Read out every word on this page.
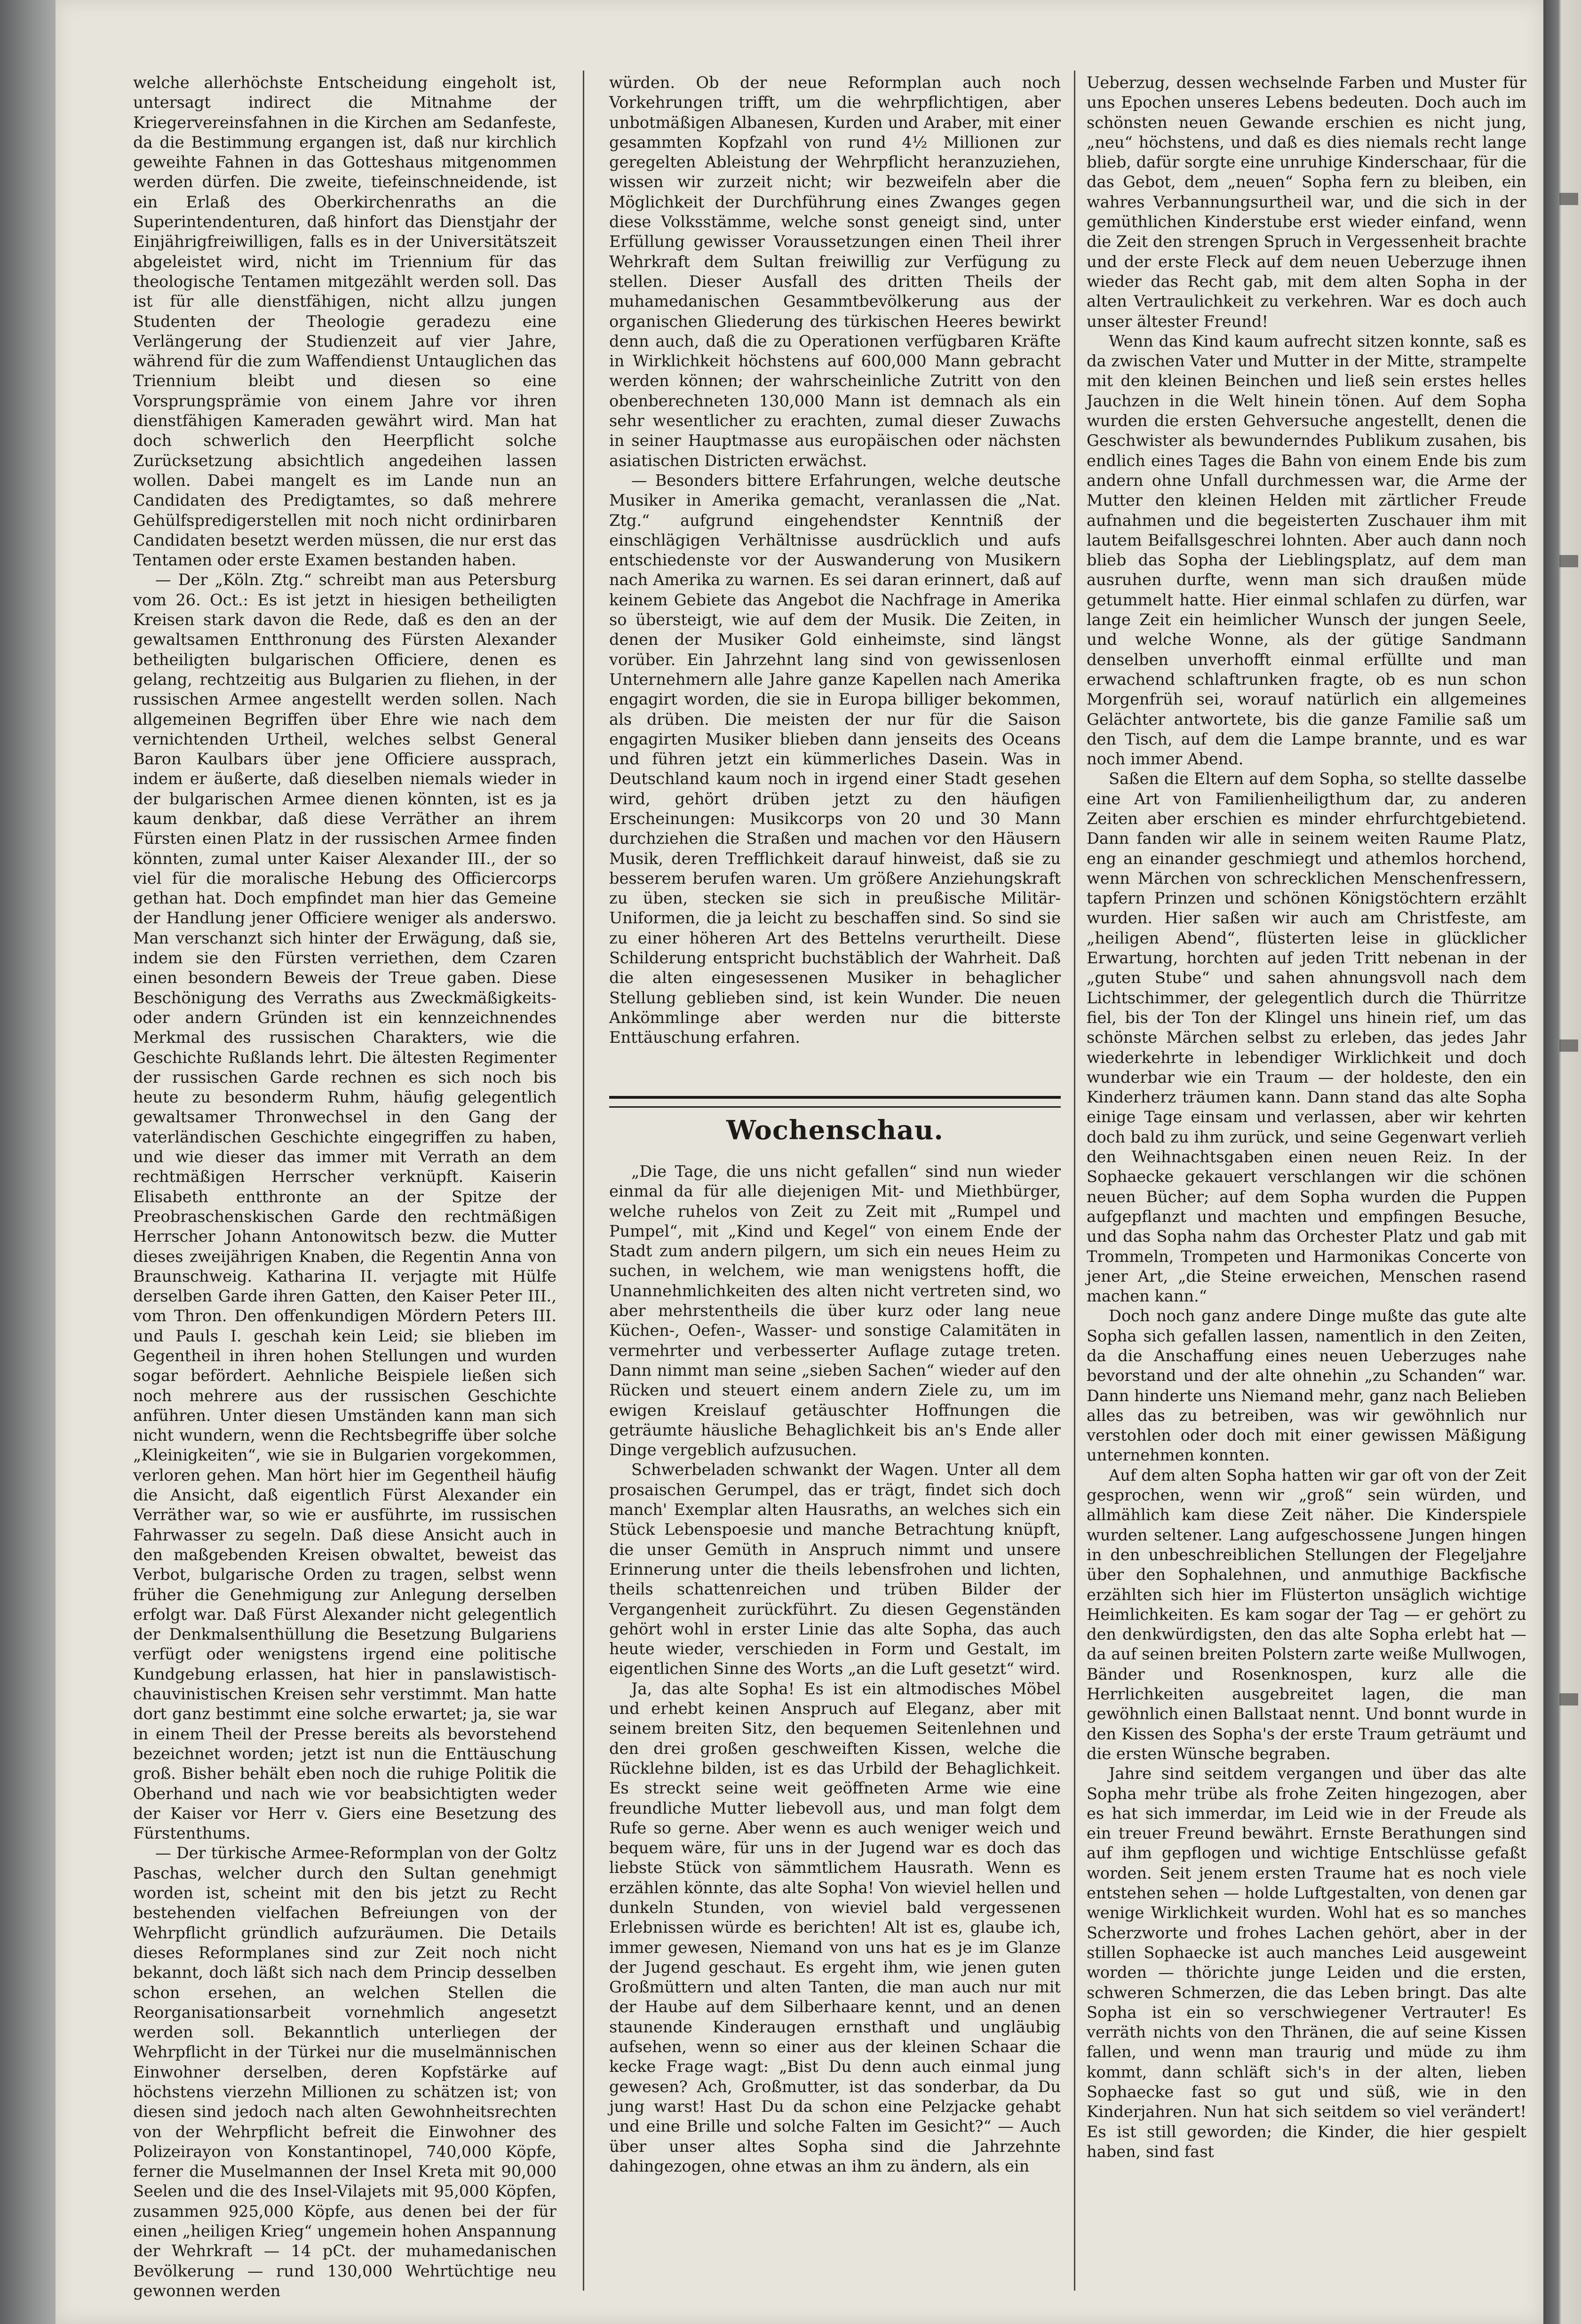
welche allerhöchste Entscheidung eingeholt ist, untersagt indirect die Mitnahme der Kriegervereinsfahnen in die Kirchen am Sedanfeste, da die Bestimmung ergangen ist, daß nur kirchlich geweihte Fahnen in das Gotteshaus mitgenommen werden dürfen. Die zweite, tiefeinschneidende, ist ein Erlaß des Oberkirchenraths an die Superintendenturen, daß hinfort das Dienstjahr der Einjährigfreiwilligen, falls es in der Universitätszeit abgeleistet wird, nicht im Triennium für das theologische Tentamen mitgezählt werden soll. Das ist für alle dienstfähigen, nicht allzu jungen Studenten der Theologie geradezu eine Verlängerung der Studienzeit auf vier Jahre, während für die zum Waffendienst Untauglichen das Triennium bleibt und diesen so eine Vorsprungsprämie von einem Jahre vor ihren dienstfähigen Kameraden gewährt wird. Man hat doch schwerlich den Heerpflicht solche Zurücksetzung absichtlich angedeihen lassen wollen. Dabei mangelt es im Lande nun an Candidaten des Predigtamtes, so daß mehrere Gehülfspredigerstellen mit noch nicht ordinirbaren Candidaten besetzt werden müssen, die nur erst das Tentamen oder erste Examen bestanden haben.

— Der „Köln. Ztg.“ schreibt man aus Petersburg vom 26. Oct.: Es ist jetzt in hiesigen betheiligten Kreisen stark davon die Rede, daß es den an der gewaltsamen Entthronung des Fürsten Alexander betheiligten bulgarischen Officiere, denen es gelang, rechtzeitig aus Bulgarien zu fliehen, in der russischen Armee angestellt werden sollen. Nach allgemeinen Begriffen über Ehre wie nach dem vernichtenden Urtheil, welches selbst General Baron Kaulbars über jene Officiere aussprach, indem er äußerte, daß dieselben niemals wieder in der bulgarischen Armee dienen könnten, ist es ja kaum denkbar, daß diese Verräther an ihrem Fürsten einen Platz in der russischen Armee finden könnten, zumal unter Kaiser Alexander III., der so viel für die moralische Hebung des Officiercorps gethan hat. Doch empfindet man hier das Gemeine der Handlung jener Officiere weniger als anderswo. Man verschanzt sich hinter der Erwägung, daß sie, indem sie den Fürsten verriethen, dem Czaren einen besondern Beweis der Treue gaben. Diese Beschönigung des Verraths aus Zweckmäßigkeits- oder andern Gründen ist ein kennzeichnendes Merkmal des russischen Charakters, wie die Geschichte Rußlands lehrt. Die ältesten Regimenter der russischen Garde rechnen es sich noch bis heute zu besonderm Ruhm, häufig gelegentlich gewaltsamer Thronwechsel in den Gang der vaterländischen Geschichte eingegriffen zu haben, und wie dieser das immer mit Verrath an dem rechtmäßigen Herrscher verknüpft. Kaiserin Elisabeth entthronte an der Spitze der Preobraschenskischen Garde den rechtmäßigen Herrscher Johann Antonowitsch bezw. die Mutter dieses zweijährigen Knaben, die Regentin Anna von Braunschweig. Katharina II. verjagte mit Hülfe derselben Garde ihren Gatten, den Kaiser Peter III., vom Thron. Den offenkundigen Mördern Peters III. und Pauls I. geschah kein Leid; sie blieben im Gegentheil in ihren hohen Stellungen und wurden sogar befördert. Aehnliche Beispiele ließen sich noch mehrere aus der russischen Geschichte anführen. Unter diesen Umständen kann man sich nicht wundern, wenn die Rechtsbegriffe über solche „Kleinigkeiten“, wie sie in Bulgarien vorgekommen, verloren gehen. Man hört hier im Gegentheil häufig die Ansicht, daß eigentlich Fürst Alexander ein Verräther war, so wie er ausführte, im russischen Fahrwasser zu segeln. Daß diese Ansicht auch in den maßgebenden Kreisen obwaltet, beweist das Verbot, bulgarische Orden zu tragen, selbst wenn früher die Genehmigung zur Anlegung derselben erfolgt war. Daß Fürst Alexander nicht gelegentlich der Denkmalsenthüllung die Besetzung Bulgariens verfügt oder wenigstens irgend eine politische Kundgebung erlassen, hat hier in panslawistisch-chauvinistischen Kreisen sehr verstimmt. Man hatte dort ganz bestimmt eine solche erwartet; ja, sie war in einem Theil der Presse bereits als bevorstehend bezeichnet worden; jetzt ist nun die Enttäuschung groß. Bisher behält eben noch die ruhige Politik die Oberhand und nach wie vor beabsichtigten weder der Kaiser vor Herr v. Giers eine Besetzung des Fürstenthums.

— Der türkische Armee-Reformplan von der Goltz Paschas, welcher durch den Sultan genehmigt worden ist, scheint mit den bis jetzt zu Recht bestehenden vielfachen Befreiungen von der Wehrpflicht gründlich aufzuräumen. Die Details dieses Reformplanes sind zur Zeit noch nicht bekannt, doch läßt sich nach dem Princip desselben schon ersehen, an welchen Stellen die Reorganisationsarbeit vornehmlich angesetzt werden soll. Bekanntlich unterliegen der Wehrpflicht in der Türkei nur die muselmännischen Einwohner derselben, deren Kopfstärke auf höchstens vierzehn Millionen zu schätzen ist; von diesen sind jedoch nach alten Gewohnheitsrechten von der Wehrpflicht befreit die Einwohner des Polizeirayon von Konstantinopel, 740,000 Köpfe, ferner die Muselmannen der Insel Kreta mit 90,000 Seelen und die des Insel-Vilajets mit 95,000 Köpfen, zusammen 925,000 Köpfe, aus denen bei der für einen „heiligen Krieg“ ungemein hohen Anspannung der Wehrkraft — 14 pCt. der muhamedanischen Bevölkerung — rund 130,000 Wehrtüchtige neu gewonnen werden

würden. Ob der neue Reformplan auch noch Vorkehrungen trifft, um die wehrpflichtigen, aber unbotmäßigen Albanesen, Kurden und Araber, mit einer gesammten Kopfzahl von rund 4½ Millionen zur geregelten Ableistung der Wehrpflicht heranzuziehen, wissen wir zurzeit nicht; wir bezweifeln aber die Möglichkeit der Durchführung eines Zwanges gegen diese Volksstämme, welche sonst geneigt sind, unter Erfüllung gewisser Voraussetzungen einen Theil ihrer Wehrkraft dem Sultan freiwillig zur Verfügung zu stellen. Dieser Ausfall des dritten Theils der muhamedanischen Gesammtbevölkerung aus der organischen Gliederung des türkischen Heeres bewirkt denn auch, daß die zu Operationen verfügbaren Kräfte in Wirklichkeit höchstens auf 600,000 Mann gebracht werden können; der wahrscheinliche Zutritt von den obenberechneten 130,000 Mann ist demnach als ein sehr wesentlicher zu erachten, zumal dieser Zuwachs in seiner Hauptmasse aus europäischen oder nächsten asiatischen Districten erwächst.

— Besonders bittere Erfahrungen, welche deutsche Musiker in Amerika gemacht, veranlassen die „Nat. Ztg.“ aufgrund eingehendster Kenntniß der einschlägigen Verhältnisse ausdrücklich und aufs entschiedenste vor der Auswanderung von Musikern nach Amerika zu warnen. Es sei daran erinnert, daß auf keinem Gebiete das Angebot die Nachfrage in Amerika so übersteigt, wie auf dem der Musik. Die Zeiten, in denen der Musiker Gold einheimste, sind längst vorüber. Ein Jahrzehnt lang sind von gewissenlosen Unternehmern alle Jahre ganze Kapellen nach Amerika engagirt worden, die sie in Europa billiger bekommen, als drüben. Die meisten der nur für die Saison engagirten Musiker blieben dann jenseits des Oceans und führen jetzt ein kümmerliches Dasein. Was in Deutschland kaum noch in irgend einer Stadt gesehen wird, gehört drüben jetzt zu den häufigen Erscheinungen: Musikcorps von 20 und 30 Mann durchziehen die Straßen und machen vor den Häusern Musik, deren Trefflichkeit darauf hinweist, daß sie zu besserem berufen waren. Um größere Anziehungskraft zu üben, stecken sie sich in preußische Militär-Uniformen, die ja leicht zu beschaffen sind. So sind sie zu einer höheren Art des Bettelns verurtheilt. Diese Schilderung entspricht buchstäblich der Wahrheit. Daß die alten eingesessenen Musiker in behaglicher Stellung geblieben sind, ist kein Wunder. Die neuen Ankömmlinge aber werden nur die bitterste Enttäuschung erfahren.

Wochenschau.

„Die Tage, die uns nicht gefallen“ sind nun wieder einmal da für alle diejenigen Mit- und Miethbürger, welche ruhelos von Zeit zu Zeit mit „Rumpel und Pumpel“, mit „Kind und Kegel“ von einem Ende der Stadt zum andern pilgern, um sich ein neues Heim zu suchen, in welchem, wie man wenigstens hofft, die Unannehmlichkeiten des alten nicht vertreten sind, wo aber mehrstentheils die über kurz oder lang neue Küchen-, Oefen-, Wasser- und sonstige Calamitäten in vermehrter und verbesserter Auflage zutage treten. Dann nimmt man seine „sieben Sachen“ wieder auf den Rücken und steuert einem andern Ziele zu, um im ewigen Kreislauf getäuschter Hoffnungen die geträumte häusliche Behaglichkeit bis an's Ende aller Dinge vergeblich aufzusuchen.

Schwerbeladen schwankt der Wagen. Unter all dem prosaischen Gerumpel, das er trägt, findet sich doch manch' Exemplar alten Hausraths, an welches sich ein Stück Lebenspoesie und manche Betrachtung knüpft, die unser Gemüth in Anspruch nimmt und unsere Erinnerung unter die theils lebensfrohen und lichten, theils schattenreichen und trüben Bilder der Vergangenheit zurückführt. Zu diesen Gegenständen gehört wohl in erster Linie das alte Sopha, das auch heute wieder, verschieden in Form und Gestalt, im eigentlichen Sinne des Worts „an die Luft gesetzt“ wird.

Ja, das alte Sopha! Es ist ein altmodisches Möbel und erhebt keinen Anspruch auf Eleganz, aber mit seinem breiten Sitz, den bequemen Seitenlehnen und den drei großen geschweiften Kissen, welche die Rücklehne bilden, ist es das Urbild der Behaglichkeit. Es streckt seine weit geöffneten Arme wie eine freundliche Mutter liebevoll aus, und man folgt dem Rufe so gerne. Aber wenn es auch weniger weich und bequem wäre, für uns in der Jugend war es doch das liebste Stück von sämmtlichem Hausrath. Wenn es erzählen könnte, das alte Sopha! Von wieviel hellen und dunkeln Stunden, von wieviel bald vergessenen Erlebnissen würde es berichten! Alt ist es, glaube ich, immer gewesen, Niemand von uns hat es je im Glanze der Jugend geschaut. Es ergeht ihm, wie jenen guten Großmüttern und alten Tanten, die man auch nur mit der Haube auf dem Silberhaare kennt, und an denen staunende Kinderaugen ernsthaft und ungläubig aufsehen, wenn so einer aus der kleinen Schaar die kecke Frage wagt: „Bist Du denn auch einmal jung gewesen? Ach, Großmutter, ist das sonderbar, da Du jung warst! Hast Du da schon eine Pelzjacke gehabt und eine Brille und solche Falten im Gesicht?“ — Auch über unser altes Sopha sind die Jahrzehnte dahingezogen, ohne etwas an ihm zu ändern, als ein

Ueberzug, dessen wechselnde Farben und Muster für uns Epochen unseres Lebens bedeuten. Doch auch im schönsten neuen Gewande erschien es nicht jung, „neu“ höchstens, und daß es dies niemals recht lange blieb, dafür sorgte eine unruhige Kinderschaar, für die das Gebot, dem „neuen“ Sopha fern zu bleiben, ein wahres Verbannungsurtheil war, und die sich in der gemüthlichen Kinderstube erst wieder einfand, wenn die Zeit den strengen Spruch in Vergessenheit brachte und der erste Fleck auf dem neuen Ueberzuge ihnen wieder das Recht gab, mit dem alten Sopha in der alten Vertraulichkeit zu verkehren. War es doch auch unser ältester Freund!

Wenn das Kind kaum aufrecht sitzen konnte, saß es da zwischen Vater und Mutter in der Mitte, strampelte mit den kleinen Beinchen und ließ sein erstes helles Jauchzen in die Welt hinein tönen. Auf dem Sopha wurden die ersten Gehversuche angestellt, denen die Geschwister als bewunderndes Publikum zusahen, bis endlich eines Tages die Bahn von einem Ende bis zum andern ohne Unfall durchmessen war, die Arme der Mutter den kleinen Helden mit zärtlicher Freude aufnahmen und die begeisterten Zuschauer ihm mit lautem Beifallsgeschrei lohnten. Aber auch dann noch blieb das Sopha der Lieblingsplatz, auf dem man ausruhen durfte, wenn man sich draußen müde getummelt hatte. Hier einmal schlafen zu dürfen, war lange Zeit ein heimlicher Wunsch der jungen Seele, und welche Wonne, als der gütige Sandmann denselben unverhofft einmal erfüllte und man erwachend schlaftrunken fragte, ob es nun schon Morgenfrüh sei, worauf natürlich ein allgemeines Gelächter antwortete, bis die ganze Familie saß um den Tisch, auf dem die Lampe brannte, und es war noch immer Abend.

Saßen die Eltern auf dem Sopha, so stellte dasselbe eine Art von Familienheiligthum dar, zu anderen Zeiten aber erschien es minder ehrfurchtgebietend. Dann fanden wir alle in seinem weiten Raume Platz, eng an einander geschmiegt und athemlos horchend, wenn Märchen von schrecklichen Menschenfressern, tapfern Prinzen und schönen Königstöchtern erzählt wurden. Hier saßen wir auch am Christfeste, am „heiligen Abend“, flüsterten leise in glücklicher Erwartung, horchten auf jeden Tritt nebenan in der „guten Stube“ und sahen ahnungsvoll nach dem Lichtschimmer, der gelegentlich durch die Thürritze fiel, bis der Ton der Klingel uns hinein rief, um das schönste Märchen selbst zu erleben, das jedes Jahr wiederkehrte in lebendiger Wirklichkeit und doch wunderbar wie ein Traum — der holdeste, den ein Kinderherz träumen kann. Dann stand das alte Sopha einige Tage einsam und verlassen, aber wir kehrten doch bald zu ihm zurück, und seine Gegenwart verlieh den Weihnachtsgaben einen neuen Reiz. In der Sophaecke gekauert verschlangen wir die schönen neuen Bücher; auf dem Sopha wurden die Puppen aufgepflanzt und machten und empfingen Besuche, und das Sopha nahm das Orchester Platz und gab mit Trommeln, Trompeten und Harmonikas Concerte von jener Art, „die Steine erweichen, Menschen rasend machen kann.“

Doch noch ganz andere Dinge mußte das gute alte Sopha sich gefallen lassen, namentlich in den Zeiten, da die Anschaffung eines neuen Ueberzuges nahe bevorstand und der alte ohnehin „zu Schanden“ war. Dann hinderte uns Niemand mehr, ganz nach Belieben alles das zu betreiben, was wir gewöhnlich nur verstohlen oder doch mit einer gewissen Mäßigung unternehmen konnten.

Auf dem alten Sopha hatten wir gar oft von der Zeit gesprochen, wenn wir „groß“ sein würden, und allmählich kam diese Zeit näher. Die Kinderspiele wurden seltener. Lang aufgeschossene Jungen hingen in den unbeschreiblichen Stellungen der Flegeljahre über den Sophalehnen, und anmuthige Backfische erzählten sich hier im Flüsterton unsäglich wichtige Heimlichkeiten. Es kam sogar der Tag — er gehört zu den denkwürdigsten, den das alte Sopha erlebt hat — da auf seinen breiten Polstern zarte weiße Mullwogen, Bänder und Rosenknospen, kurz alle die Herrlichkeiten ausgebreitet lagen, die man gewöhnlich einen Ballstaat nennt. Und bonnt wurde in den Kissen des Sopha's der erste Traum geträumt und die ersten Wünsche begraben.

Jahre sind seitdem vergangen und über das alte Sopha mehr trübe als frohe Zeiten hingezogen, aber es hat sich immerdar, im Leid wie in der Freude als ein treuer Freund bewährt. Ernste Berathungen sind auf ihm gepflogen und wichtige Entschlüsse gefaßt worden. Seit jenem ersten Traume hat es noch viele entstehen sehen — holde Luftgestalten, von denen gar wenige Wirklichkeit wurden. Wohl hat es so manches Scherzworte und frohes Lachen gehört, aber in der stillen Sophaecke ist auch manches Leid ausgeweint worden — thörichte junge Leiden und die ersten, schweren Schmerzen, die das Leben bringt. Das alte Sopha ist ein so verschwiegener Vertrauter! Es verräth nichts von den Thränen, die auf seine Kissen fallen, und wenn man traurig und müde zu ihm kommt, dann schläft sich's in der alten, lieben Sophaecke fast so gut und süß, wie in den Kinderjahren. Nun hat sich seitdem so viel verändert! Es ist still geworden; die Kinder, die hier gespielt haben, sind fast
